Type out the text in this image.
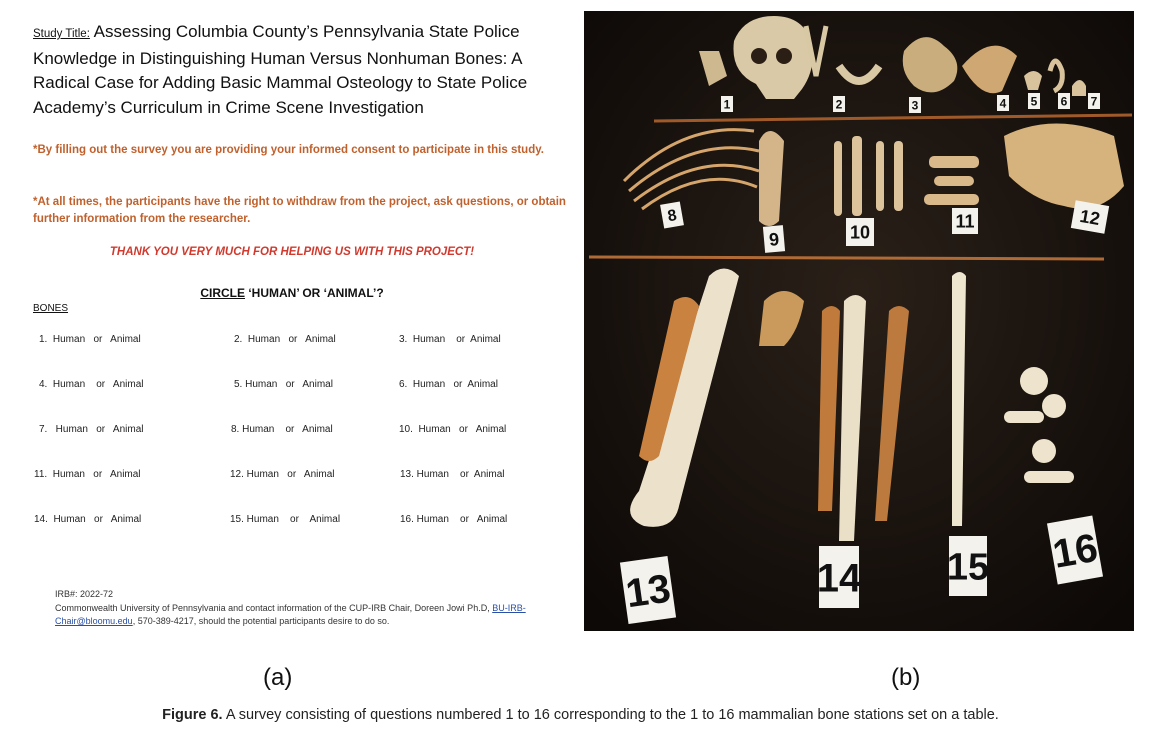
Study Title: Assessing Columbia County’s Pennsylvania State Police Knowledge in Distinguishing Human Versus Nonhuman Bones: A Radical Case for Adding Basic Mammal Osteology to State Police Academy’s Curriculum in Crime Scene Investigation
*By filling out the survey you are providing your informed consent to participate in this study.
*At all times, the participants have the right to withdraw from the project, ask questions, or obtain further information from the researcher.
THANK YOU VERY MUCH FOR HELPING US WITH THIS PROJECT!
CIRCLE ‘HUMAN’ OR ‘ANIMAL’?
BONES
1.  Human   or   Animal	2.  Human   or   Animal	3.  Human    or  Animal
4.  Human    or   Animal	5. Human   or   Animal	6.  Human   or  Animal
7.   Human   or   Animal	8. Human    or   Animal	10.  Human   or   Animal
11.  Human   or   Animal	12. Human   or   Animal	13. Human    or  Animal
14.  Human   or   Animal	15. Human    or    Animal	16. Human    or   Animal
IRB#: 2022-72
Commonwealth University of Pennsylvania and contact information of the CUP-IRB Chair, Doreen Jowi Ph.D, BU-IRB-Chair@bloomu.edu, 570-389-4217, should the potential participants desire to do so.
1	2	3	4 5 6 7
8
9	10
11	12
13	14 15 16
(a)	(b)
Figure 6. A survey consisting of questions numbered 1 to 16 corresponding to the 1 to 16 mammalian bone stations set on a table.
